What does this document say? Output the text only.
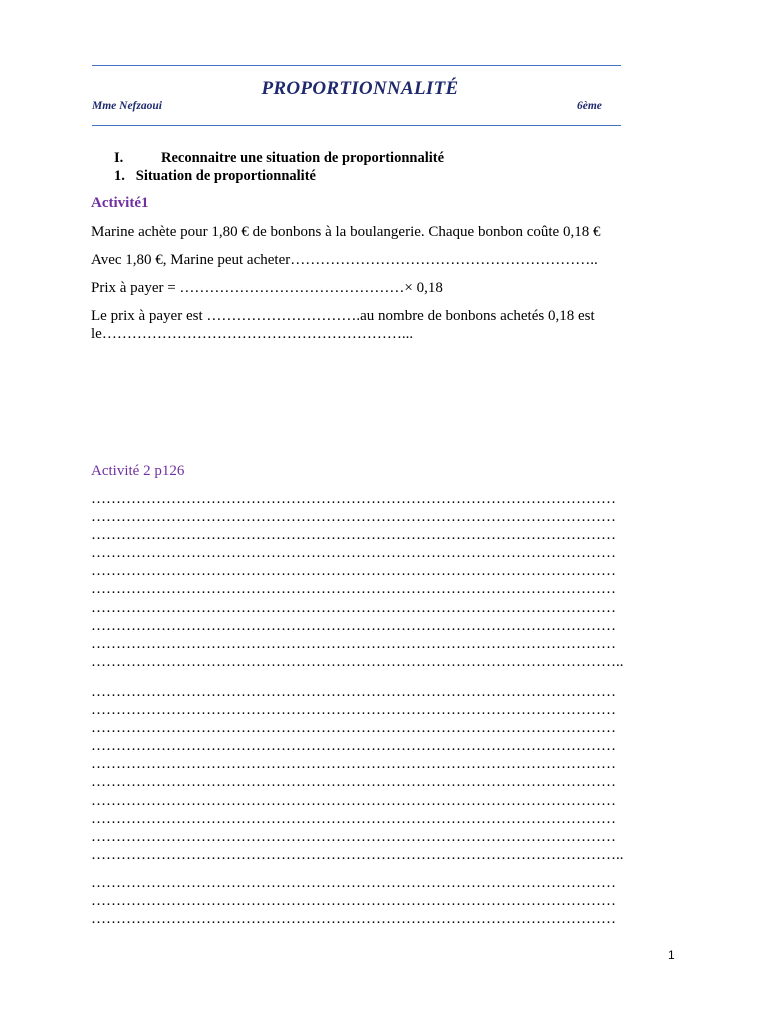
PROPORTIONNALITÉ
Mme Nefzaoui	6ème
I.	Reconnaitre une situation de proportionnalité
1.   Situation de proportionnalité
Activité1
Marine achète pour 1,80 € de bonbons à la boulangerie. Chaque bonbon coûte 0,18 €
Avec 1,80 €, Marine peut acheter……………………………………………………..
Prix à payer = ………………………………………× 0,18
Le prix à payer est ………………………….au nombre de bonbons achetés 0,18 est
le……………………………………………………...
Activité 2 p126
……………………………………………………………………………………………
……………………………………………………………………………………………
……………………………………………………………………………………………
……………………………………………………………………………………………
……………………………………………………………………………………………
……………………………………………………………………………………………
……………………………………………………………………………………………
……………………………………………………………………………………………
……………………………………………………………………………………………
……………………………………………………………………………………………..
……………………………………………………………………………………………
……………………………………………………………………………………………
……………………………………………………………………………………………
……………………………………………………………………………………………
……………………………………………………………………………………………
……………………………………………………………………………………………
……………………………………………………………………………………………
……………………………………………………………………………………………
……………………………………………………………………………………………
……………………………………………………………………………………………..
……………………………………………………………………………………………
……………………………………………………………………………………………
……………………………………………………………………………………………
1
